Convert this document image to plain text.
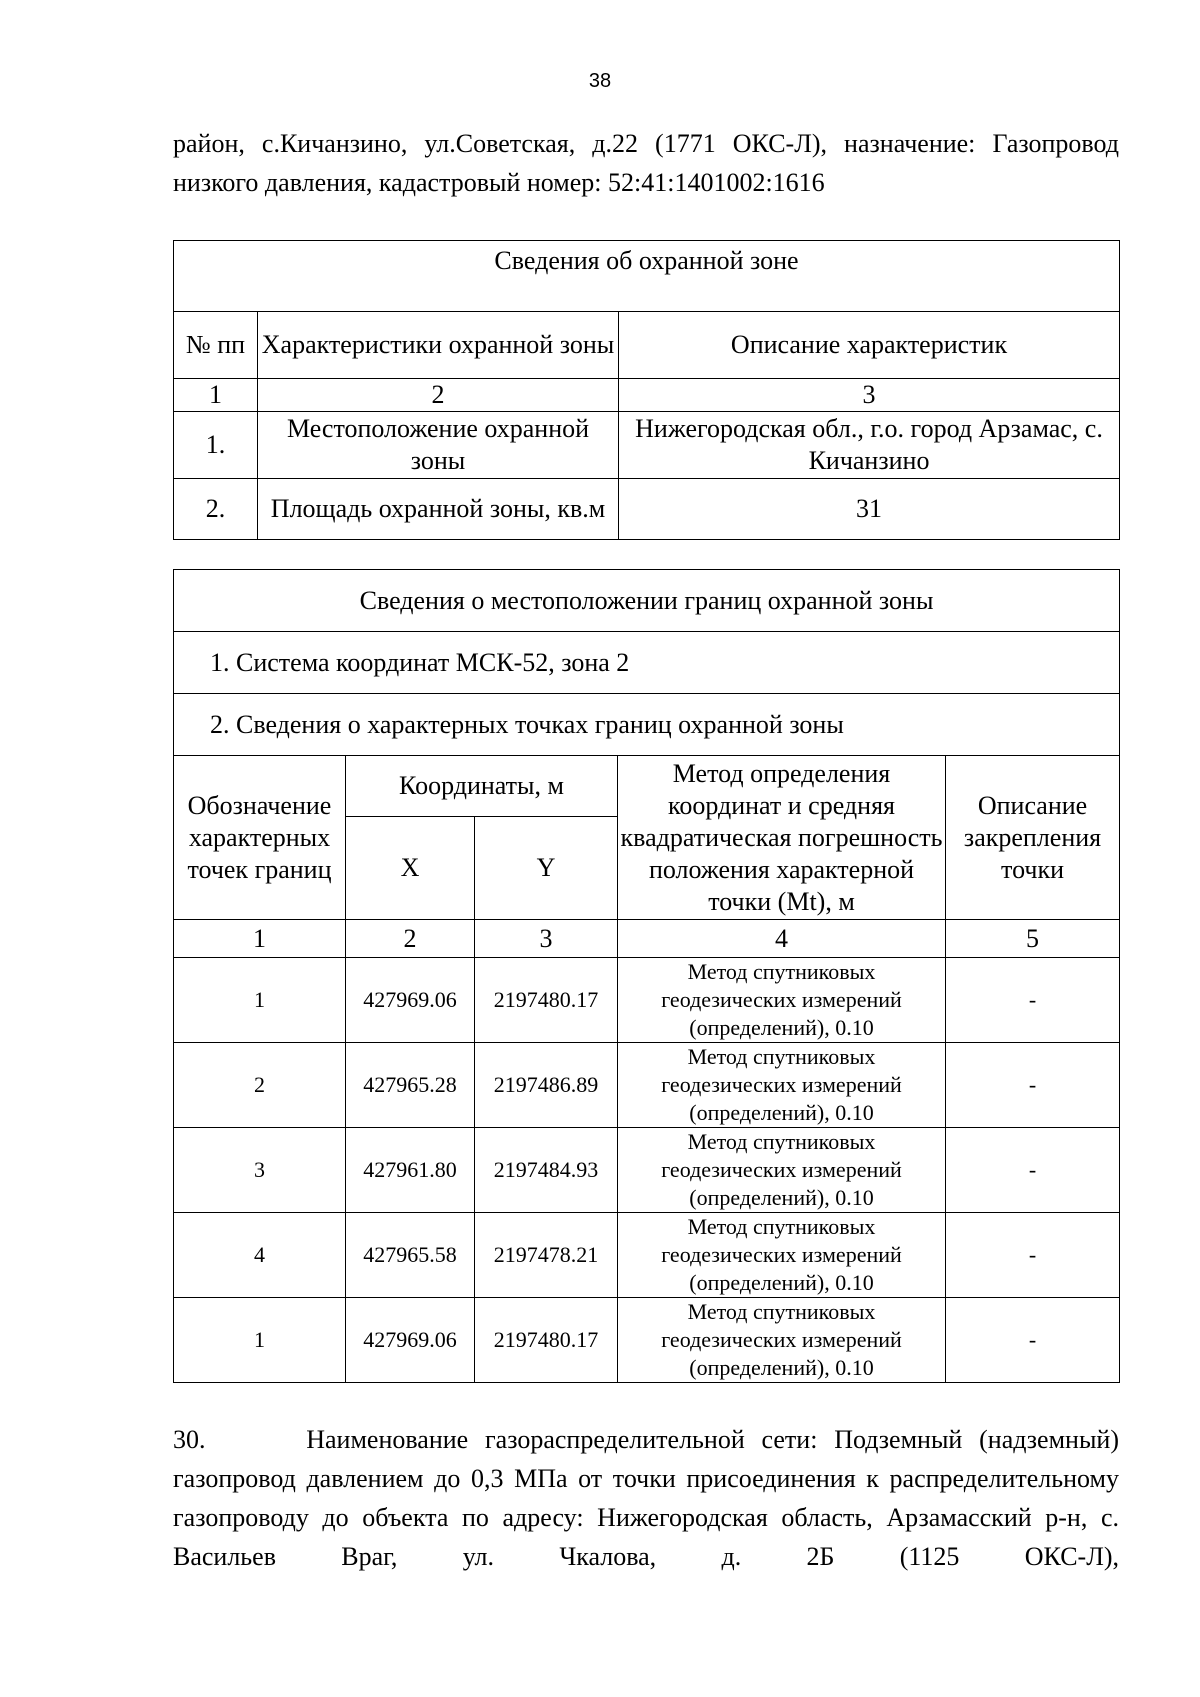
38
район, с.Кичанзино, ул.Советская, д.22 (1771 ОКС-Л), назначение: Газопровод низкого давления, кадастровый номер: 52:41:1401002:1616
Сведения об охранной зоне		
№ пп	Характеристики охранной зоны	Описание характеристик
1	2	3
1.	Местоположение охранной зоны	Нижегородская обл., г.о. город Арзамас, с. Кичанзино
2.	Площадь охранной зоны, кв.м	31
Сведения о местоположении границ охранной зоны				
1. Система координат МСК-52, зона 2				
2. Сведения о характерных точках границ охранной зоны				
Обозначение характерных точек границ	Координаты, м		Метод определения координат и средняя квадратическая погрешность положения характерной точки (Mt), м	Описание закрепления точки
	X	Y		
1	2	3	4	5
1	427969.06	2197480.17	Метод спутниковых геодезических измерений (определений), 0.10	-
2	427965.28	2197486.89	Метод спутниковых геодезических измерений (определений), 0.10	-
3	427961.80	2197484.93	Метод спутниковых геодезических измерений (определений), 0.10	-
4	427965.58	2197478.21	Метод спутниковых геодезических измерений (определений), 0.10	-
1	427969.06	2197480.17	Метод спутниковых геодезических измерений (определений), 0.10	-

30.	Наименование газораспределительной сети: Подземный (надземный) газопровод давлением до 0,3 МПа от точки присоединения к распределительному газопроводу до объекта по адресу: Нижегородская область, Арзамасский р-н, с. Васильев Враг, ул. Чкалова, д. 2Б (1125 ОКС-Л),
